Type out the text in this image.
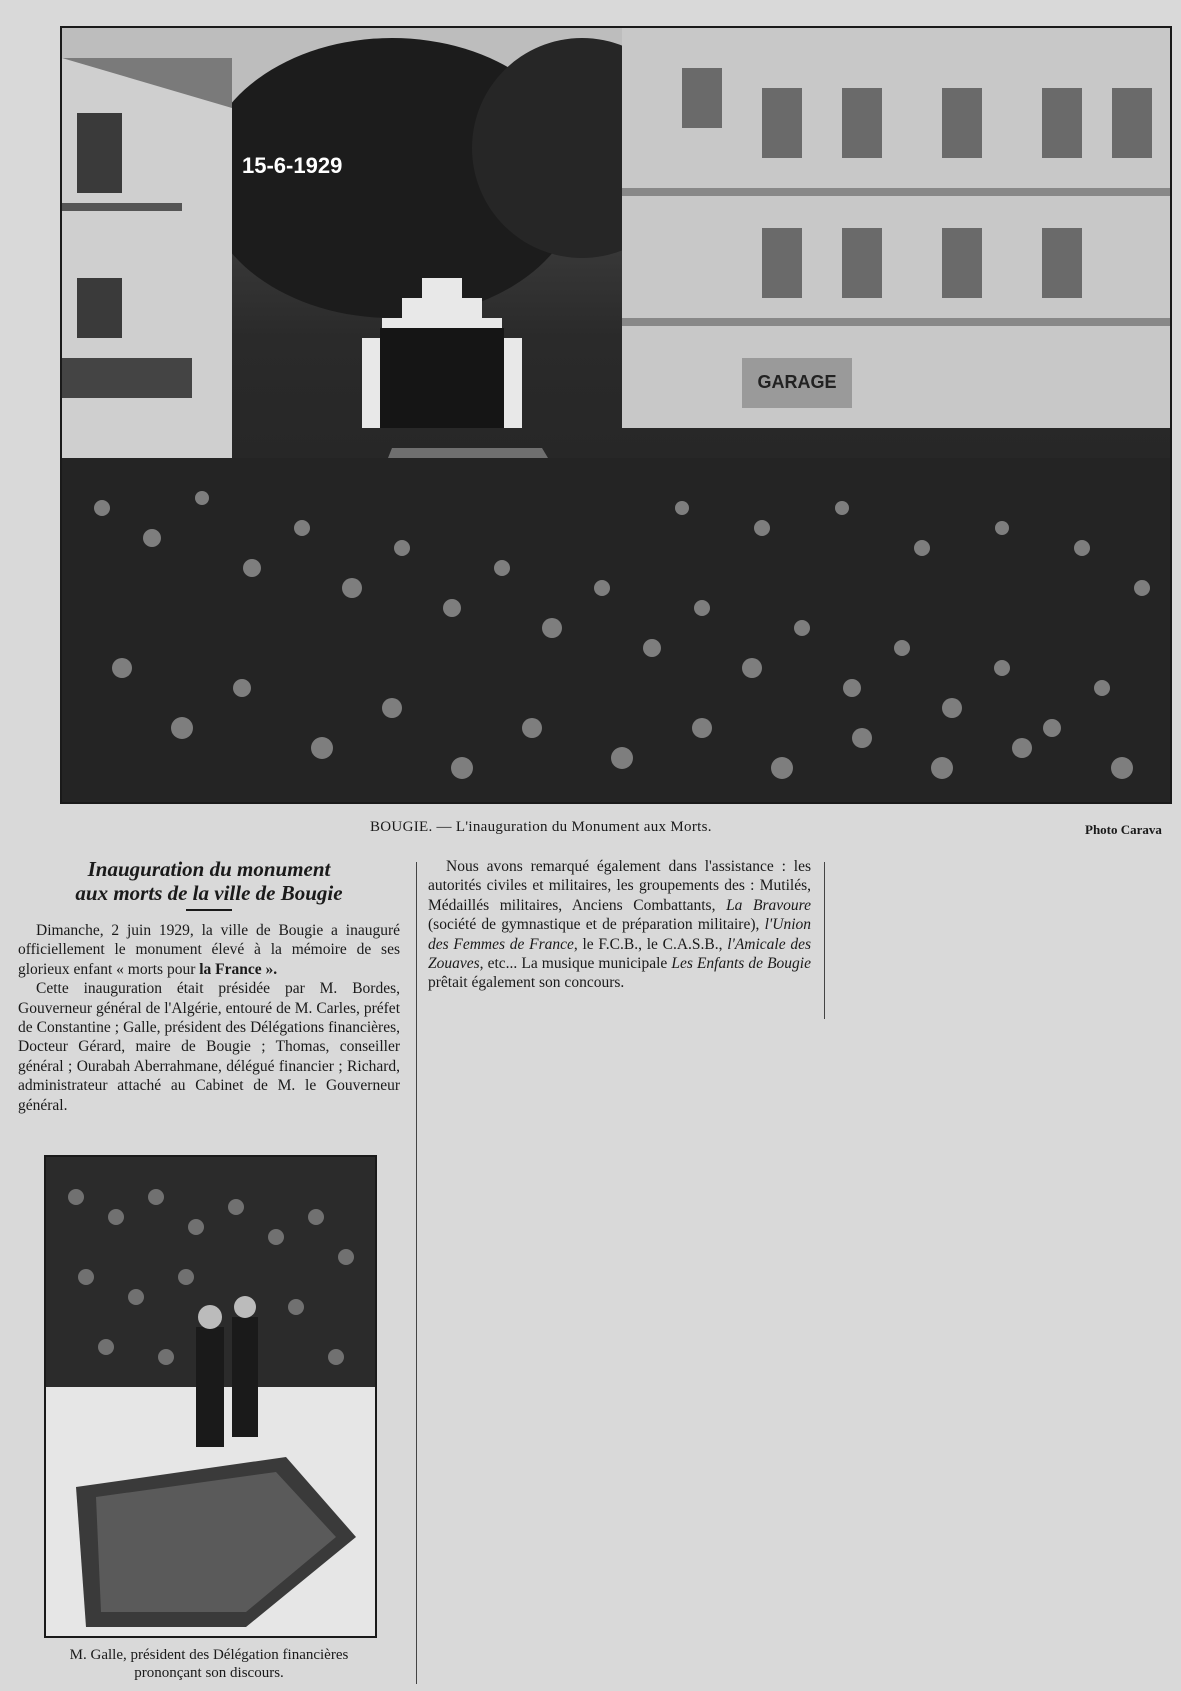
GARAGE
15-6-1929
BOUGIE. — L'inauguration du Monument aux Morts.	Photo Carava
Inauguration du monument
aux morts de la ville de Bougie

Dimanche, 2 juin 1929, la ville de Bougie a inauguré officiellement le monument élevé à la mémoire de ses glorieux enfant « morts pour la France ».

Cette inauguration était présidée par M. Bordes, Gouverneur général de l'Algérie, entouré de M. Carles, préfet de Constantine ; Galle, président des Délégations financières, Docteur Gérard, maire de Bougie ; Thomas, conseiller général ; Ourabah Aberrahmane, délégué financier ; Richard, administrateur attaché au Cabinet de M. le Gouverneur général.

Nous avons remarqué également dans l'assistance : les autorités civiles et militaires, les groupements des : Mutilés, Médaillés militaires, Anciens Combattants, La Bravoure (société de gymnastique et de préparation militaire), l'Union des Femmes de France, le F.C.B., le C.A.S.B., l'Amicale des Zouaves, etc... La musique municipale Les Enfants de Bougie prêtait également son concours.

M. Galle, président des Délégation financières
prononçant son discours.
